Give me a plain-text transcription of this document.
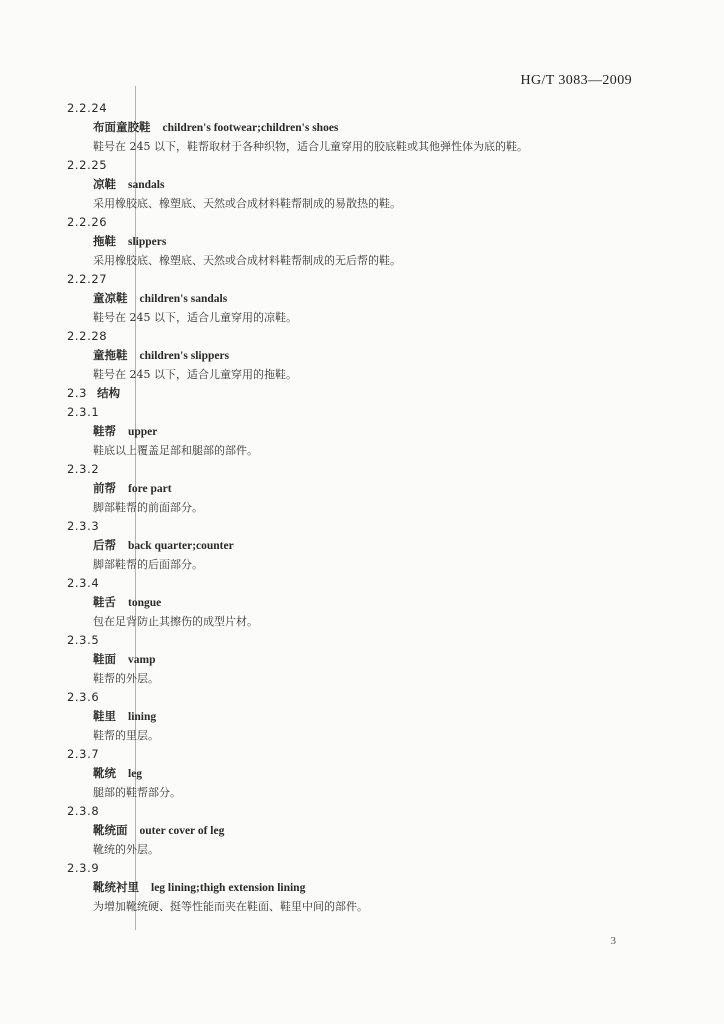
HG/T 3083—2009
2.2.24
布面童胶鞋 children's footwear;children's shoes
鞋号在 245 以下，鞋帮取材于各种织物，适合儿童穿用的胶底鞋或其他弹性体为底的鞋。
2.2.25
凉鞋 sandals
采用橡胶底、橡塑底、天然或合成材料鞋帮制成的易散热的鞋。
2.2.26
拖鞋 slippers
采用橡胶底、橡塑底、天然或合成材料鞋帮制成的无后帮的鞋。
2.2.27
童凉鞋 children's sandals
鞋号在 245 以下，适合儿童穿用的凉鞋。
2.2.28
童拖鞋 children's slippers
鞋号在 245 以下，适合儿童穿用的拖鞋。
2.3 结构
2.3.1
鞋帮 upper
鞋底以上覆盖足部和腿部的部件。
2.3.2
前帮 fore part
脚部鞋帮的前面部分。
2.3.3
后帮 back quarter;counter
脚部鞋帮的后面部分。
2.3.4
鞋舌 tongue
包在足背防止其擦伤的成型片材。
2.3.5
鞋面 vamp
鞋帮的外层。
2.3.6
鞋里 lining
鞋帮的里层。
2.3.7
靴统 leg
腿部的鞋帮部分。
2.3.8
靴统面 outer cover of leg
靴统的外层。
2.3.9
靴统衬里 leg lining;thigh extension lining
为增加靴统硬、挺等性能而夹在鞋面、鞋里中间的部件。
3
